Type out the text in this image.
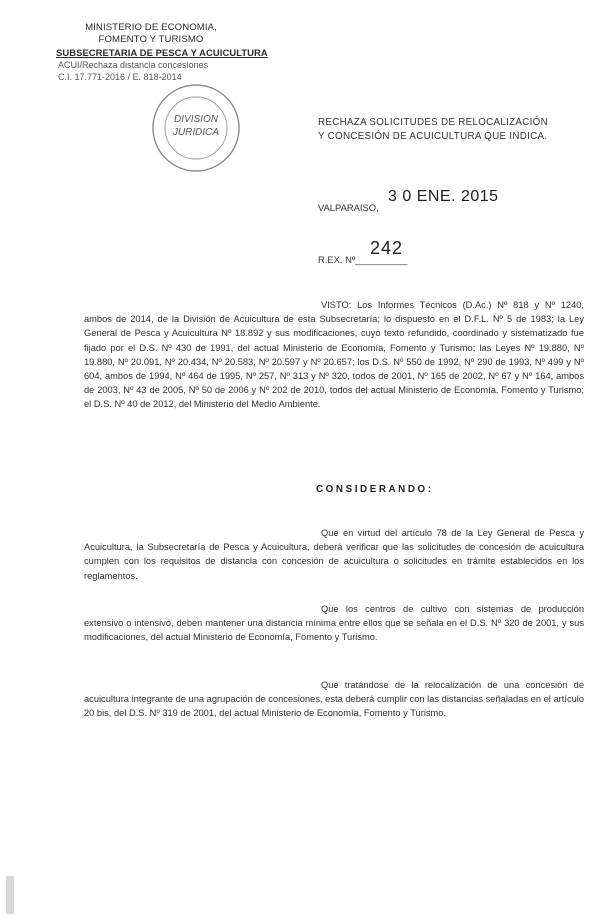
MINISTERIO DE ECONOMIA,
FOMENTO Y TURISMO
SUBSECRETARIA DE PESCA Y ACUICULTURA
ACUI/Rechaza distancia concesiones
C.I. 17.771-2016 / E. 818-2014
DIVISION
JURIDICA
RECHAZA SOLICITUDES DE RELOCALIZACIÓN Y CONCESIÓN DE ACUICULTURA QUE INDICA.
VALPARAISO,
3 0 ENE. 2015
R.EX. Nº__________
242
VISTO: Los Informes Técnicos (D.Ac.) Nº 818 y Nº 1240, ambos de 2014, de la División de Acuicultura de esta Subsecretaría; lo dispuesto en el D.F.L. Nº 5 de 1983; la Ley General de Pesca y Acuicultura Nº 18.892 y sus modificaciones, cuyo texto refundido, coordinado y sistematizado fue fijado por el D.S. Nº 430 de 1991, del actual Ministerio de Economía, Fomento y Turismo; las Leyes Nº 19.880, Nº 19.880, Nº 20.091, Nº 20.434, Nº 20.583, Nº 20.597 y Nº 20.657; los D.S. Nº 550 de 1992, Nº 290 de 1993, Nº 499 y Nº 604, ambos de 1994, Nº 464 de 1995, Nº 257, Nº 313 y Nº 320, todos de 2001, Nº 165 de 2002, Nº 67 y Nº 164, ambos de 2003, Nº 43 de 2005, Nº 50 de 2006 y Nº 202 de 2010, todos del actual Ministerio de Economía, Fomento y Turismo; el D.S. Nº 40 de 2012, del Ministerio del Medio Ambiente.
CONSIDERANDO:
Que en virtud del artículo 78 de la Ley General de Pesca y Acuicultura, la Subsecretaría de Pesca y Acuicultura, deberá verificar que las solicitudes de concesión de acuicultura cumplen con los requisitos de distancia con concesión de acuicultura o solicitudes en trámite establecidos en los reglamentos.
Que los centros de cultivo con sistemas de producción extensivo o intensivo, deben mantener una distancia mínima entre ellos que se señala en el D.S. Nº 320 de 2001, y sus modificaciones, del actual Ministerio de Economía, Fomento y Turismo.
Que tratándose de la relocalización de una concesión de acuicultura integrante de una agrupación de concesiones, esta deberá cumplir con las distancias señaladas en el artículo 20 bis, del D.S. Nº 319 de 2001, del actual Ministerio de Economía, Fomento y Turismo.
